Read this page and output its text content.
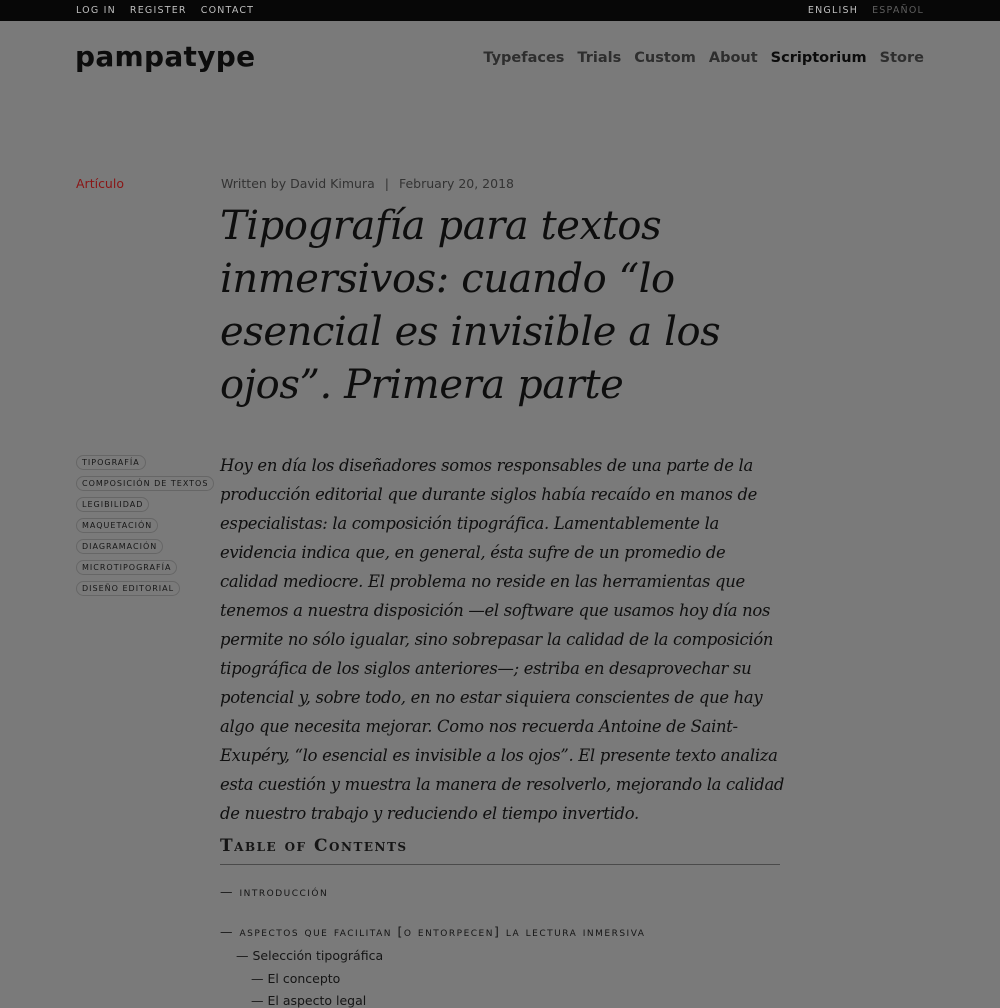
LOG IN REGISTER CONTACT	ENGLISH ESPAÑOL
pampatype	Typefaces Trials Custom About Scriptorium Store
Artículo	Written by David Kimura | February 20, 2018
Tipografía para textos inmersivos: cuando “lo esencial es invisible a los ojos”. Primera parte
TIPOGRAFÍA
COMPOSICIÓN DE TEXTOS
LEGIBILIDAD
MAQUETACIÓN
DIAGRAMACIÓN
MICROTIPOGRAFÍA
DISEÑO EDITORIAL

Hoy en día los diseñadores somos responsables de una parte de la producción editorial que durante siglos había recaído en manos de especialistas: la composición tipográfica. Lamentablemente la evidencia indica que, en general, ésta sufre de un promedio de calidad mediocre. El problema no reside en las herramientas que tenemos a nuestra disposición —el software que usamos hoy día nos permite no sólo igualar, sino sobrepasar la calidad de la composición tipográfica de los siglos anteriores—; estriba en desaprovechar su potencial y, sobre todo, en no estar siquiera conscientes de que hay algo que necesita mejorar. Como nos recuerda Antoine de Saint-Exupéry, “lo esencial es invisible a los ojos”. El presente texto analiza esta cuestión y muestra la manera de resolverlo, mejorando la calidad de nuestro trabajo y reduciendo el tiempo invertido.

Table of Contents
— introducción
— aspectos que facilitan [o entorpecen] la lectura inmersiva
— Selección tipográfica
— El concepto
— El aspecto legal
